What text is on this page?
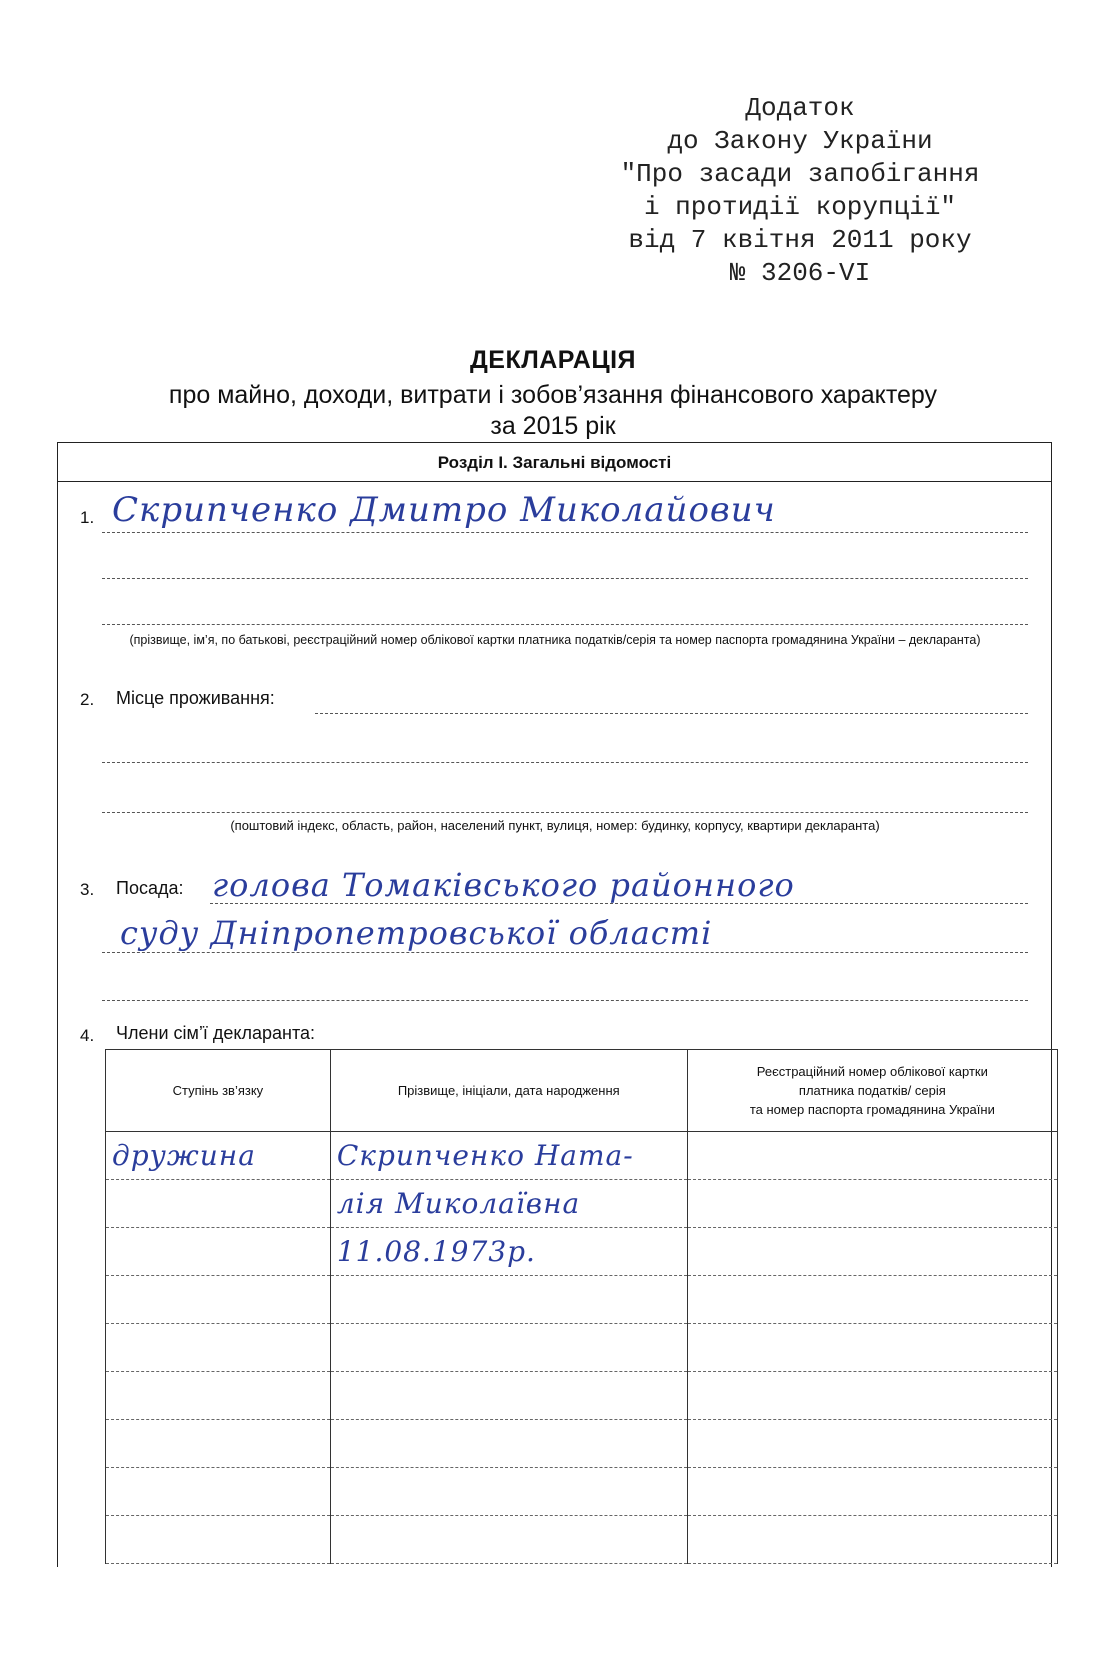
Додаток
до Закону України
"Про засади запобігання
і протидії корупції"
від 7 квітня 2011 року
№ 3206-VI
ДЕКЛАРАЦІЯ
про майно, доходи, витрати і зобов’язання фінансового характеру
за 2015 рік
Розділ I. Загальні відомості
1. Скрипченко Дмитро Миколайович
(прізвище, ім’я, по батькові, реєстраційний номер облікової картки платника податків/серія та номер паспорта громадянина України – декларанта)
2. Місце проживання:
(поштовий індекс, область, район, населений пункт, вулиця, номер: будинку, корпусу, квартири декларанта)
3. Посада: голова Томаківського районного
суду Дніпропетровської області
4. Члени сім’ї декларанта:
Ступінь зв’язку	Прізвище, ініціали, дата народження	Реєстраційний номер облікової картки
платника податків/ серія
та номер паспорта громадянина України

дружина	Скрипченко Ната-	
	лія Миколаївна	
	11.08.1973р.	
